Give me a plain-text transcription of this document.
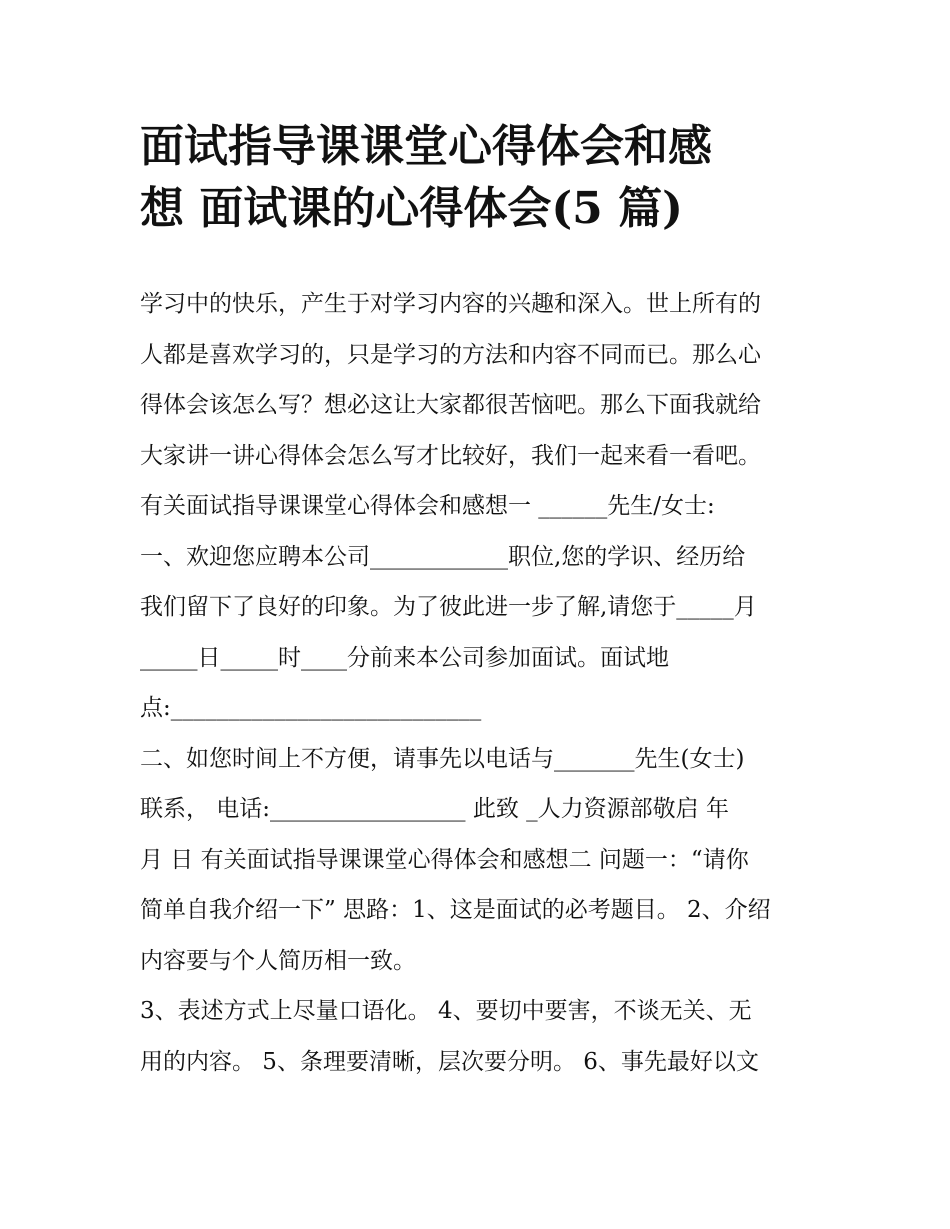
面试指导课课堂心得体会和感
想 面试课的心得体会(5 篇)
学习中的快乐，产生于对学习内容的兴趣和深入。世上所有的
人都是喜欢学习的，只是学习的方法和内容不同而已。那么心
得体会该怎么写？想必这让大家都很苦恼吧。那么下面我就给
大家讲一讲心得体会怎么写才比较好，我们一起来看一看吧。
有关面试指导课课堂心得体会和感想一 ______先生/女士:
一、欢迎您应聘本公司____________职位,您的学识、经历给
我们留下了良好的印象。为了彼此进一步了解,请您于_____月
_____日_____时____分前来本公司参加面试。面试地
点:___________________________
二、如您时间上不方便，请事先以电话与_______先生(女士)
联系， 电话:_________________ 此致 _人力资源部敬启 年
月 日 有关面试指导课课堂心得体会和感想二 问题一：“请你
简单自我介绍一下” 思路：1、这是面试的必考题目。 2、介绍
内容要与个人简历相一致。
3、表述方式上尽量口语化。 4、要切中要害，不谈无关、无
用的内容。 5、条理要清晰，层次要分明。 6、事先最好以文
